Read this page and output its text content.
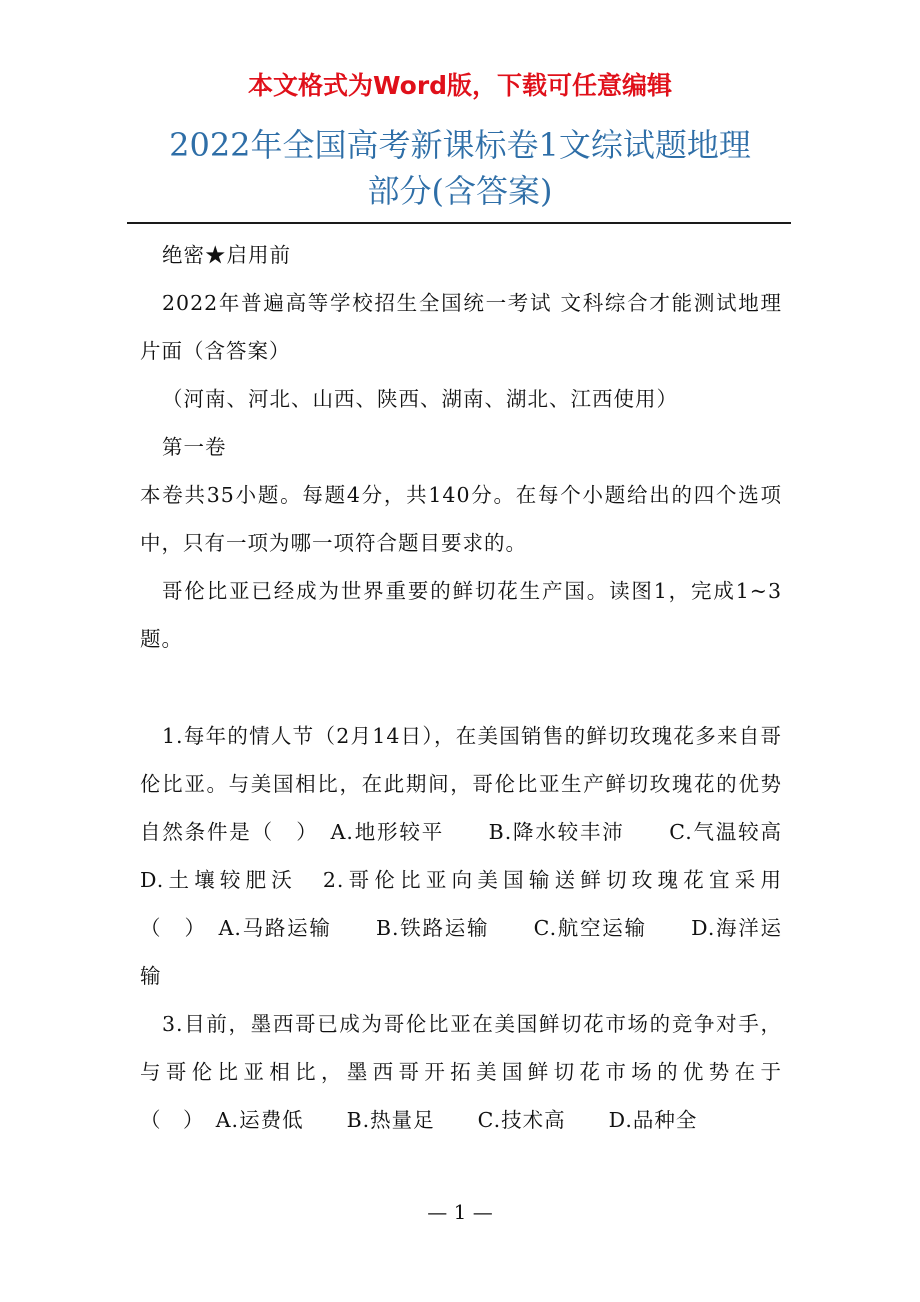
本文格式为Word版，下载可任意编辑
2022年全国高考新课标卷1文综试题地理
部分(含答案)

绝密★启用前

2022年普遍高等学校招生全国统一考试 文科综合才能测试地理片面（含答案）

（河南、河北、山西、陕西、湖南、湖北、江西使用）

第一卷

本卷共35小题。每题4分，共140分。在每个小题给出的四个选项中，只有一项为哪一项符合题目要求的。

哥伦比亚已经成为世界重要的鲜切花生产国。读图1，完成1~3题。

1.每年的情人节（2月14日），在美国销售的鲜切玫瑰花多来自哥伦比亚。与美国相比，在此期间，哥伦比亚生产鲜切玫瑰花的优势自然条件是（　）　A.地形较平　　B.降水较丰沛　　C.气温较高　　D.土壤较肥沃　2.哥伦比亚向美国输送鲜切玫瑰花宜采用　　　（　）　A.马路运输　　B.铁路运输　　C.航空运输　　D.海洋运输

3.目前，墨西哥已成为哥伦比亚在美国鲜切花市场的竞争对手，与哥伦比亚相比，墨西哥开拓美国鲜切花市场的优势在于　　　　（　）　A.运费低　　B.热量足　　C.技术高　　D.品种全

— 1 —
